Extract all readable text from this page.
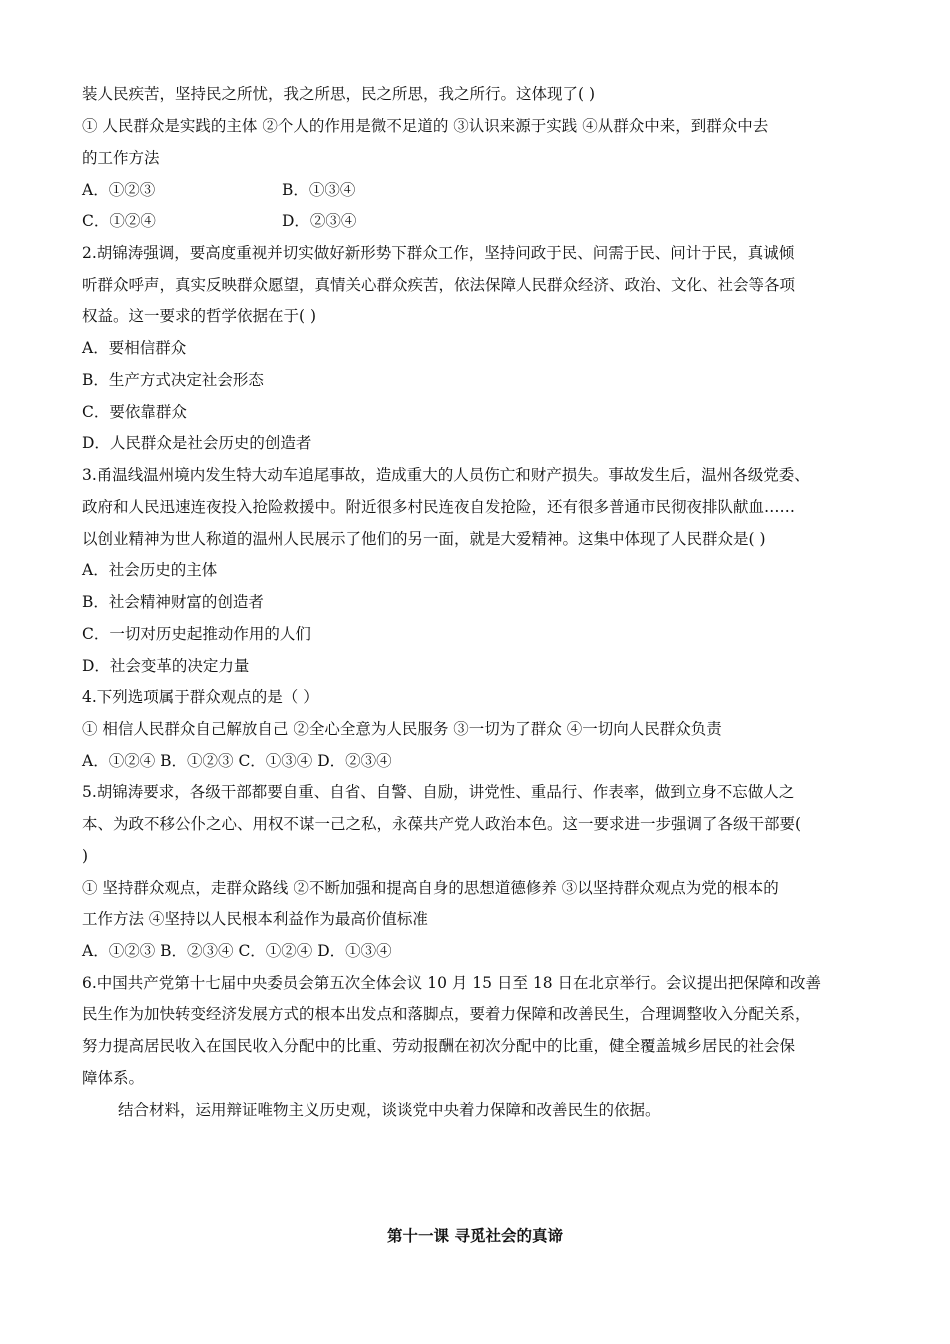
装人民疾苦，坚持民之所忧，我之所思，民之所思，我之所行。这体现了( )
① 人民群众是实践的主体 ②个人的作用是微不足道的 ③认识来源于实践 ④从群众中来，到群众中去
的工作方法
A．①②③	B．①③④
C．①②④	D．②③④
2.胡锦涛强调，要高度重视并切实做好新形势下群众工作，坚持问政于民、问需于民、问计于民，真诚倾
听群众呼声，真实反映群众愿望，真情关心群众疾苦，依法保障人民群众经济、政治、文化、社会等各项
权益。这一要求的哲学依据在于( )
A．要相信群众
B．生产方式决定社会形态
C．要依靠群众
D．人民群众是社会历史的创造者
3.甬温线温州境内发生特大动车追尾事故，造成重大的人员伤亡和财产损失。事故发生后，温州各级党委、
政府和人民迅速连夜投入抢险救援中。附近很多村民连夜自发抢险，还有很多普通市民彻夜排队献血……
以创业精神为世人称道的温州人民展示了他们的另一面，就是大爱精神。这集中体现了人民群众是( )
A．社会历史的主体
B．社会精神财富的创造者
C．一切对历史起推动作用的人们
D．社会变革的决定力量
4.下列选项属于群众观点的是（ ）
① 相信人民群众自己解放自己 ②全心全意为人民服务 ③一切为了群众 ④一切向人民群众负责
A．①②④ B．①②③ C．①③④ D．②③④
5.胡锦涛要求，各级干部都要自重、自省、自警、自励，讲党性、重品行、作表率，做到立身不忘做人之
本、为政不移公仆之心、用权不谋一己之私，永葆共产党人政治本色。这一要求进一步强调了各级干部要(
)
① 坚持群众观点，走群众路线 ②不断加强和提高自身的思想道德修养 ③以坚持群众观点为党的根本的
工作方法 ④坚持以人民根本利益作为最高价值标准
A．①②③ B．②③④ C．①②④ D．①③④
6.中国共产党第十七届中央委员会第五次全体会议 10 月 15 日至 18 日在北京举行。会议提出把保障和改善
民生作为加快转变经济发展方式的根本出发点和落脚点，要着力保障和改善民生，合理调整收入分配关系，
努力提高居民收入在国民收入分配中的比重、劳动报酬在初次分配中的比重，健全覆盖城乡居民的社会保
障体系。
结合材料，运用辩证唯物主义历史观，谈谈党中央着力保障和改善民生的依据。
第十一课 寻觅社会的真谛
